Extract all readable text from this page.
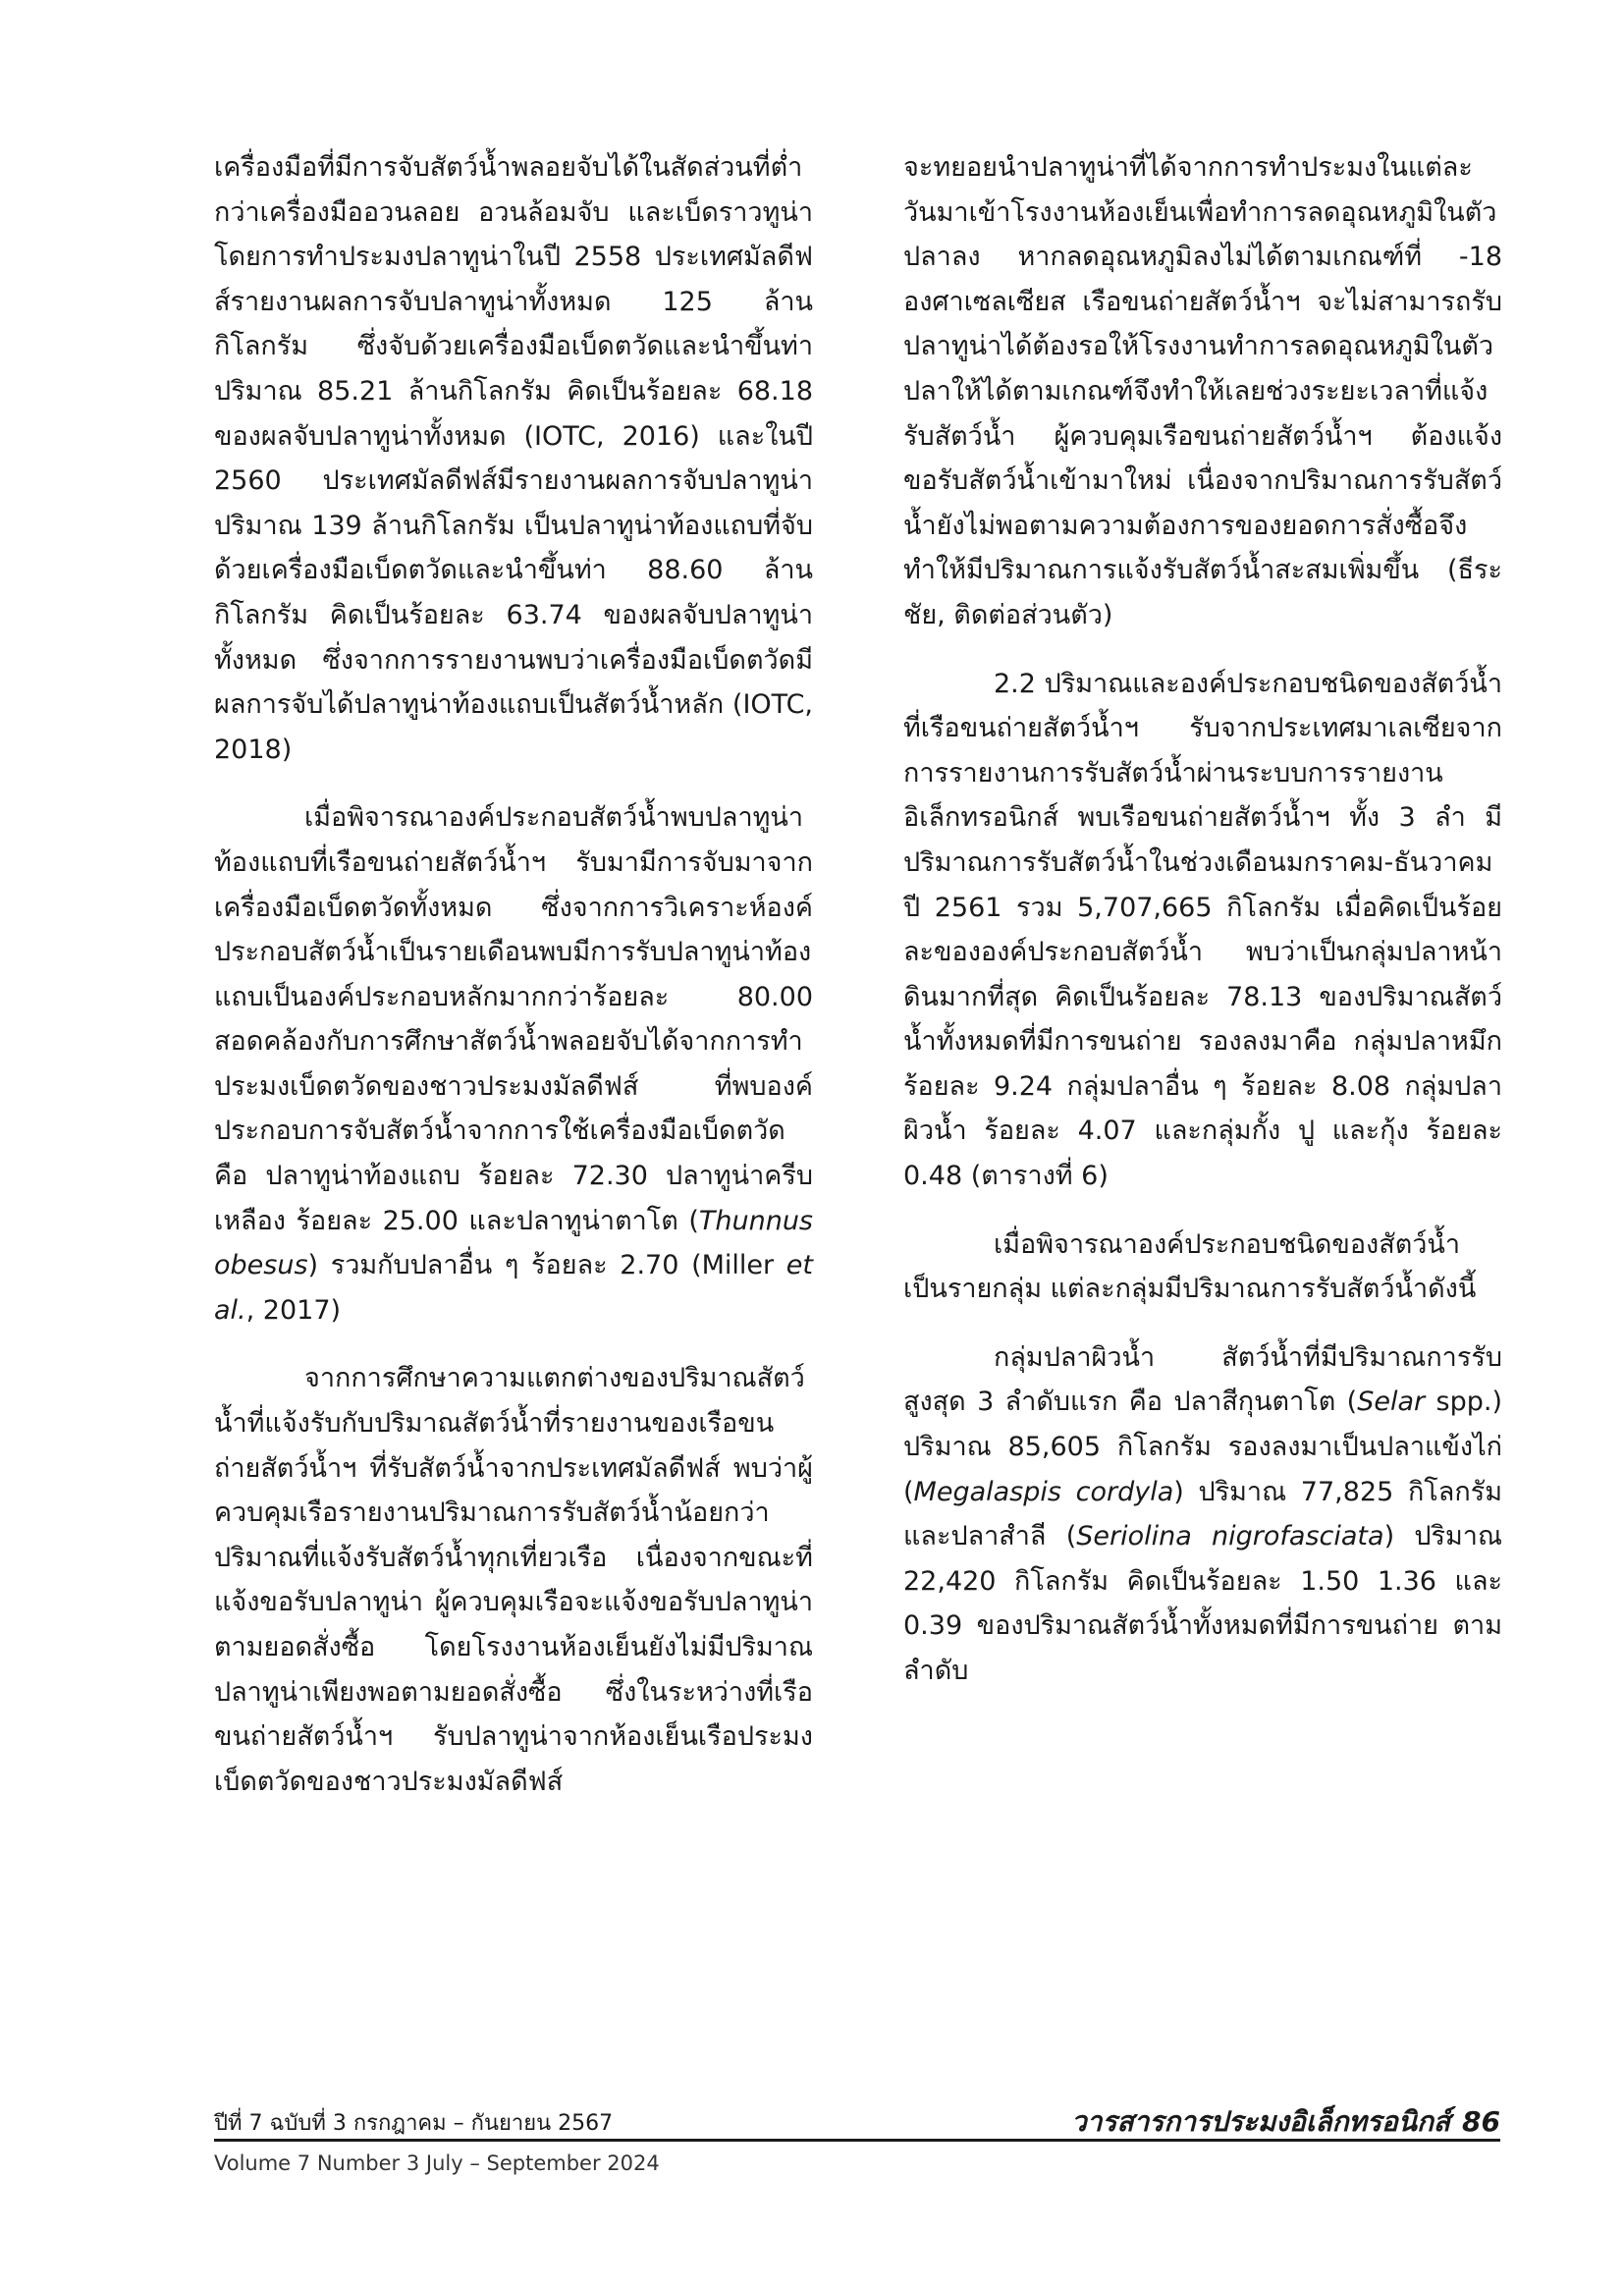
เครื่องมือที่มีการจับสัตว์น้ำพลอยจับได้ในสัดส่วนที่ต่ำกว่าเครื่องมืออวนลอย อวนล้อมจับ และเบ็ดราวทูน่า โดยการทำประมงปลาทูน่าในปี 2558 ประเทศมัลดีฟส์รายงานผลการจับปลาทูน่าทั้งหมด 125 ล้านกิโลกรัม ซึ่งจับด้วยเครื่องมือเบ็ดตวัดและนำขึ้นท่าปริมาณ 85.21 ล้านกิโลกรัม คิดเป็นร้อยละ 68.18 ของผลจับปลาทูน่าทั้งหมด (IOTC, 2016) และในปี 2560 ประเทศมัลดีฟส์มีรายงานผลการจับปลาทูน่าปริมาณ 139 ล้านกิโลกรัม เป็นปลาทูน่าท้องแถบที่จับด้วยเครื่องมือเบ็ดตวัดและนำขึ้นท่า 88.60 ล้านกิโลกรัม คิดเป็นร้อยละ 63.74 ของผลจับปลาทูน่าทั้งหมด ซึ่งจากการรายงานพบว่าเครื่องมือเบ็ดตวัดมีผลการจับได้ปลาทูน่าท้องแถบเป็นสัตว์น้ำหลัก (IOTC, 2018)

เมื่อพิจารณาองค์ประกอบสัตว์น้ำพบปลาทูน่าท้องแถบที่เรือขนถ่ายสัตว์น้ำฯ รับมามีการจับมาจากเครื่องมือเบ็ดตวัดทั้งหมด ซึ่งจากการวิเคราะห์องค์ประกอบสัตว์น้ำเป็นรายเดือนพบมีการรับปลาทูน่าท้องแถบเป็นองค์ประกอบหลักมากกว่าร้อยละ 80.00 สอดคล้องกับการศึกษาสัตว์น้ำพลอยจับได้จากการทำประมงเบ็ดตวัดของชาวประมงมัลดีฟส์ ที่พบองค์ประกอบการจับสัตว์น้ำจากการใช้เครื่องมือเบ็ดตวัด คือ ปลาทูน่าท้องแถบ ร้อยละ 72.30 ปลาทูน่าครีบเหลือง ร้อยละ 25.00 และปลาทูน่าตาโต (Thunnus obesus) รวมกับปลาอื่น ๆ ร้อยละ 2.70 (Miller et al., 2017)

จากการศึกษาความแตกต่างของปริมาณสัตว์น้ำที่แจ้งรับกับปริมาณสัตว์น้ำที่รายงานของเรือขนถ่ายสัตว์น้ำฯ ที่รับสัตว์น้ำจากประเทศมัลดีฟส์ พบว่าผู้ควบคุมเรือรายงานปริมาณการรับสัตว์น้ำน้อยกว่าปริมาณที่แจ้งรับสัตว์น้ำทุกเที่ยวเรือ เนื่องจากขณะที่แจ้งขอรับปลาทูน่า ผู้ควบคุมเรือจะแจ้งขอรับปลาทูน่าตามยอดสั่งซื้อ โดยโรงงานห้องเย็นยังไม่มีปริมาณปลาทูน่าเพียงพอตามยอดสั่งซื้อ ซึ่งในระหว่างที่เรือขนถ่ายสัตว์น้ำฯ รับปลาทูน่าจากห้องเย็นเรือประมงเบ็ดตวัดของชาวประมงมัลดีฟส์

จะทยอยนำปลาทูน่าที่ได้จากการทำประมงในแต่ละวันมาเข้าโรงงานห้องเย็นเพื่อทำการลดอุณหภูมิในตัวปลาลง หากลดอุณหภูมิลงไม่ได้ตามเกณฑ์ที่ -18 องศาเซลเซียส เรือขนถ่ายสัตว์น้ำฯ จะไม่สามารถรับปลาทูน่าได้ต้องรอให้โรงงานทำการลดอุณหภูมิในตัวปลาให้ได้ตามเกณฑ์จึงทำให้เลยช่วงระยะเวลาที่แจ้งรับสัตว์น้ำ ผู้ควบคุมเรือขนถ่ายสัตว์น้ำฯ ต้องแจ้งขอรับสัตว์น้ำเข้ามาใหม่ เนื่องจากปริมาณการรับสัตว์น้ำยังไม่พอตามความต้องการของยอดการสั่งซื้อจึงทำให้มีปริมาณการแจ้งรับสัตว์น้ำสะสมเพิ่มขึ้น (ธีระชัย, ติดต่อส่วนตัว)

2.2 ปริมาณและองค์ประกอบชนิดของสัตว์น้ำที่เรือขนถ่ายสัตว์น้ำฯ รับจากประเทศมาเลเซียจากการรายงานการรับสัตว์น้ำผ่านระบบการรายงานอิเล็กทรอนิกส์ พบเรือขนถ่ายสัตว์น้ำฯ ทั้ง 3 ลำ มีปริมาณการรับสัตว์น้ำในช่วงเดือนมกราคม-ธันวาคม ปี 2561 รวม 5,707,665 กิโลกรัม เมื่อคิดเป็นร้อยละขององค์ประกอบสัตว์น้ำ พบว่าเป็นกลุ่มปลาหน้าดินมากที่สุด คิดเป็นร้อยละ 78.13 ของปริมาณสัตว์น้ำทั้งหมดที่มีการขนถ่าย รองลงมาคือ กลุ่มปลาหมึก ร้อยละ 9.24 กลุ่มปลาอื่น ๆ ร้อยละ 8.08 กลุ่มปลาผิวน้ำ ร้อยละ 4.07 และกลุ่มกั้ง ปู และกุ้ง ร้อยละ 0.48 (ตารางที่ 6)

เมื่อพิจารณาองค์ประกอบชนิดของสัตว์น้ำเป็นรายกลุ่ม แต่ละกลุ่มมีปริมาณการรับสัตว์น้ำดังนี้

กลุ่มปลาผิวน้ำ สัตว์น้ำที่มีปริมาณการรับสูงสุด 3 ลำดับแรก คือ ปลาสีกุนตาโต (Selar spp.) ปริมาณ 85,605 กิโลกรัม รองลงมาเป็นปลาแข้งไก่ (Megalaspis cordyla) ปริมาณ 77,825 กิโลกรัม และปลาสำลี (Seriolina nigrofasciata) ปริมาณ 22,420 กิโลกรัม คิดเป็นร้อยละ 1.50 1.36 และ 0.39 ของปริมาณสัตว์น้ำทั้งหมดที่มีการขนถ่าย ตามลำดับ

ปีที่ 7 ฉบับที่ 3 กรกฎาคม – กันยายน 2567
Volume 7 Number 3 July – September 2024
วารสารการประมงอิเล็กทรอนิกส์ 86
